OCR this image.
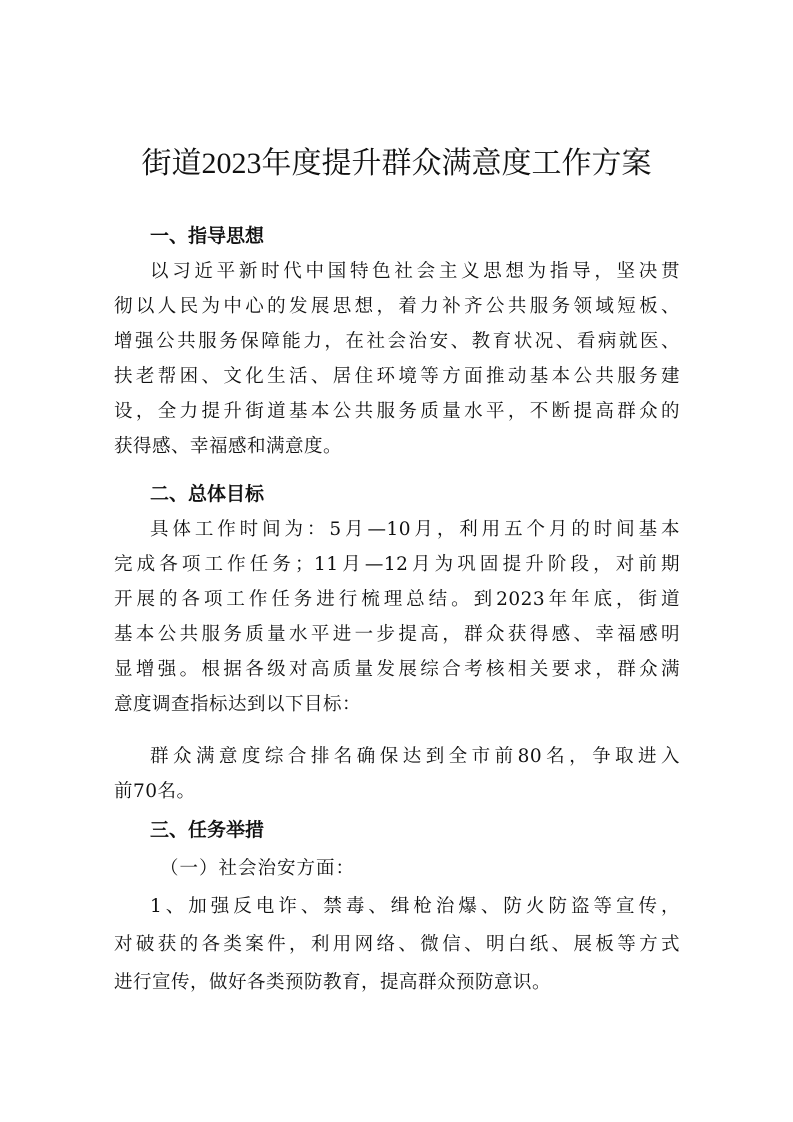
街道2023年度提升群众满意度工作方案
一、指导思想
以习近平新时代中国特色社会主义思想为指导，坚决贯
彻以人民为中心的发展思想，着力补齐公共服务领域短板、
增强公共服务保障能力，在社会治安、教育状况、看病就医、
扶老帮困、文化生活、居住环境等方面推动基本公共服务建
设，全力提升街道基本公共服务质量水平，不断提高群众的
获得感、幸福感和满意度。
二、总体目标
具体工作时间为：5月—10月，利用五个月的时间基本
完成各项工作任务；11月—12月为巩固提升阶段，对前期
开展的各项工作任务进行梳理总结。到2023年年底，街道
基本公共服务质量水平进一步提高，群众获得感、幸福感明
显增强。根据各级对高质量发展综合考核相关要求，群众满
意度调查指标达到以下目标：
群众满意度综合排名确保达到全市前80名，争取进入
前70名。
三、任务举措
（一）社会治安方面：
1、加强反电诈、禁毒、缉枪治爆、防火防盗等宣传，
对破获的各类案件，利用网络、微信、明白纸、展板等方式
进行宣传，做好各类预防教育，提高群众预防意识。
